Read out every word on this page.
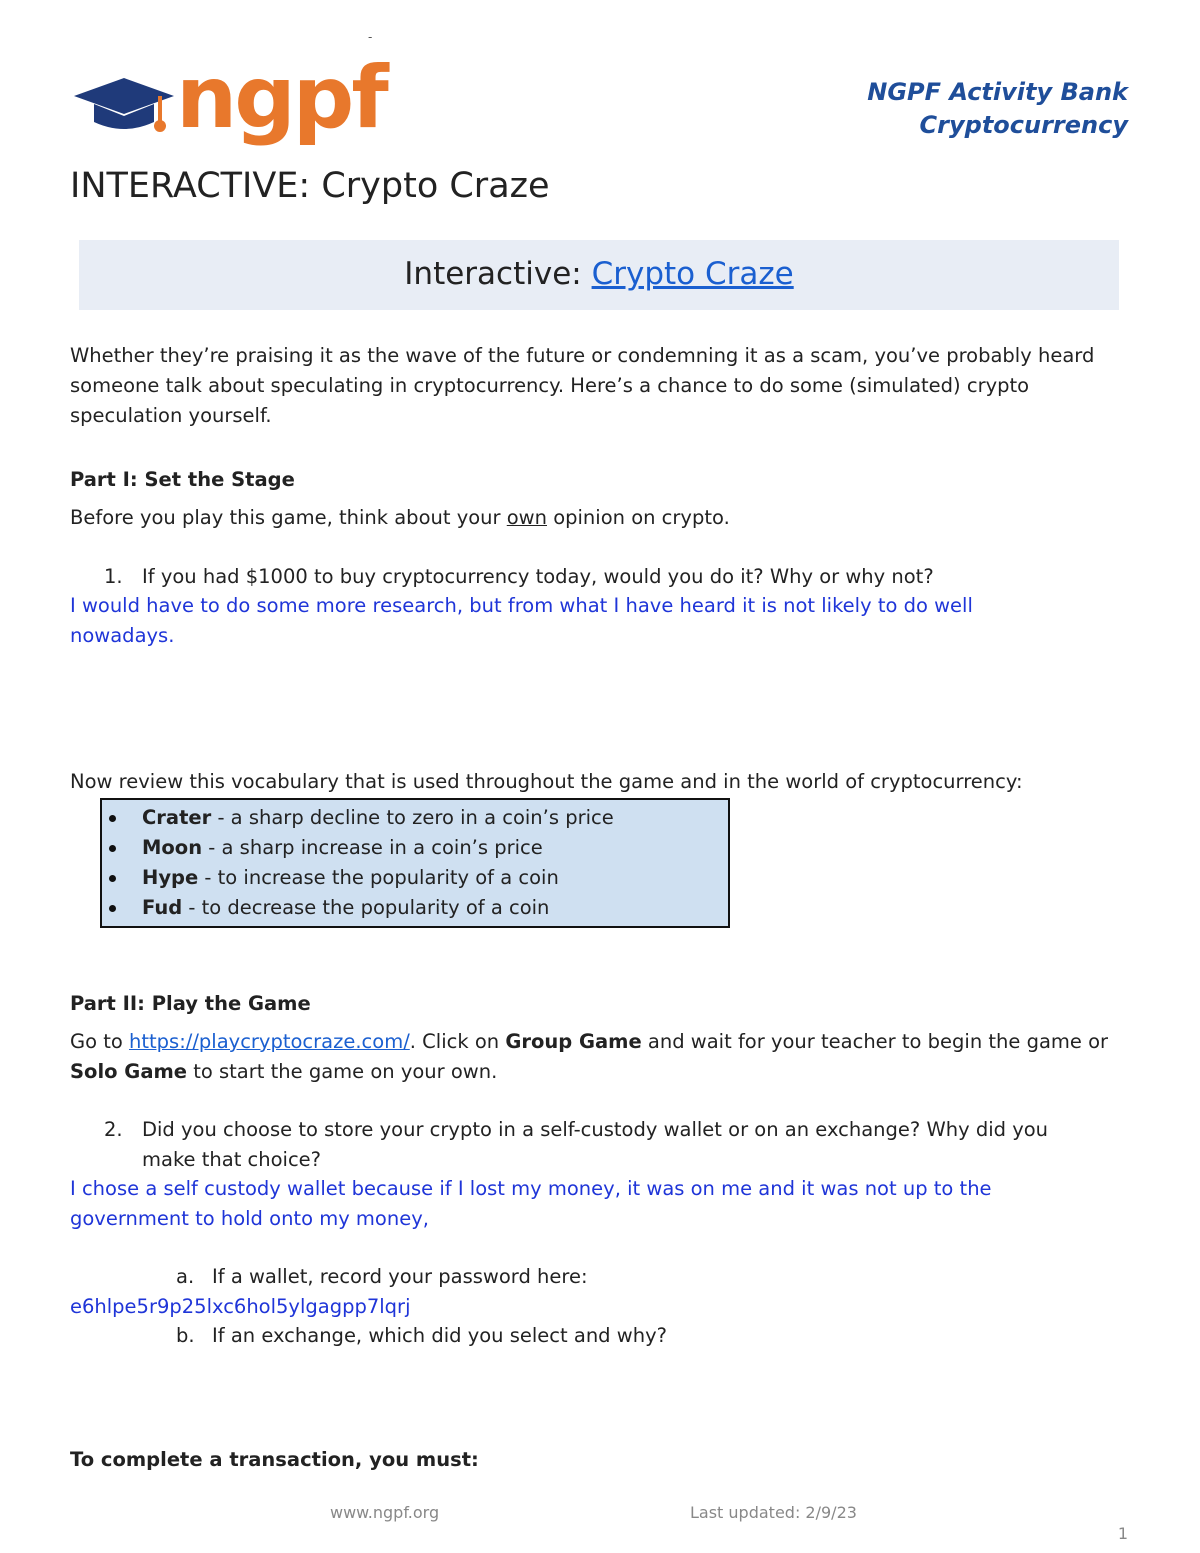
-
ngpf	NGPF Activity Bank
Cryptocurrency
INTERACTIVE: Crypto Craze
Interactive: Crypto Craze
Whether they’re praising it as the wave of the future or condemning it as a scam, you’ve probably heard someone talk about speculating in cryptocurrency. Here’s a chance to do some (simulated) crypto speculation yourself.
Part I: Set the Stage
Before you play this game, think about your own opinion on crypto.
1. If you had $1000 to buy cryptocurrency today, would you do it? Why or why not?
I would have to do some more research, but from what I have heard it is not likely to do well nowadays.
Now review this vocabulary that is used throughout the game and in the world of cryptocurrency:
Crater - a sharp decline to zero in a coin’s price
Moon - a sharp increase in a coin’s price
Hype - to increase the popularity of a coin
Fud - to decrease the popularity of a coin
Part II: Play the Game
Go to https://playcryptocraze.com/. Click on Group Game and wait for your teacher to begin the game or Solo Game to start the game on your own.
2. Did you choose to store your crypto in a self-custody wallet or on an exchange? Why did you make that choice?
I chose a self custody wallet because if I lost my money, it was on me and it was not up to the government to hold onto my money,
a. If a wallet, record your password here:
e6hlpe5r9p25lxc6hol5ylgagpp7lqrj
b. If an exchange, which did you select and why?
To complete a transaction, you must:
www.ngpf.org	Last updated: 2/9/23
1
